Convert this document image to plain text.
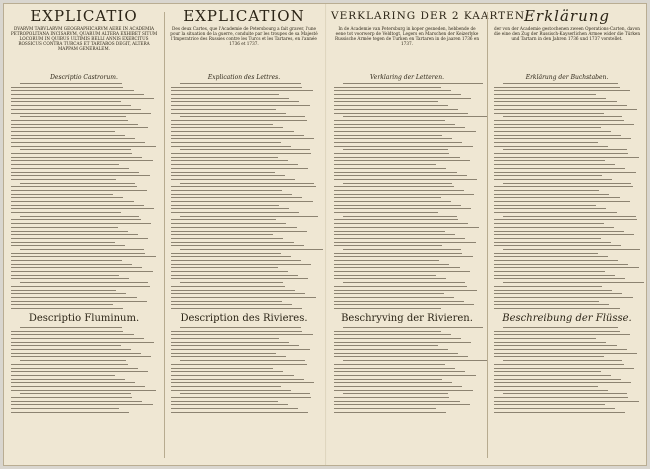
EXPLICATIO
DVARVM TABVLARVM GEOGRAPHICARVM AERE IN ACADEMIA PETROPOLITANA INCISARVM, QUARUM ALTERA EXHIBET SITUM LOCORUM IN QUIBUS ULTIMIS BELLI ANNIS EXERCITUS ROSSICUS CONTRA TURCAS ET TARTAROS DEGIT, ALTERA MAPPAM GENERALEM.
Descriptio Castrorum.
Descriptio Fluminum.
EXPLICATION
Des deux Cartes, que l'Academie de Petersbourg a fait graver, l'une pour la situation de la guerre, conduite par les troupes de sa Majesté l'Imperatrice des Russies contre les Turcs et les Tartares, en l'année 1736 et 1737.
Explication des Lettres.
Description des Rivieres.
VERKLARING DER 2 KAARTEN
In de Academie van Petersburg in koper gesneden, hebbende de eene tot voorwerp de Veldtogt, Legers en Marschen der Keizerlyke Russische Armée tegen de Turken en Tartaren in de jaaren 1736 en 1737.
Verklaring der Letteren.
Beschryving der Rivieren.
Erklärung
der von der Academie gestochenen zween Operations-Carten, davon die eine den Zug der Russisch-Kayserlichen Armee wider die Türken und Tartarn in den Jahren 1736 und 1737 vorstellet.
Erklärung der Buchstaben.
Beschreibung der Flüsse.
